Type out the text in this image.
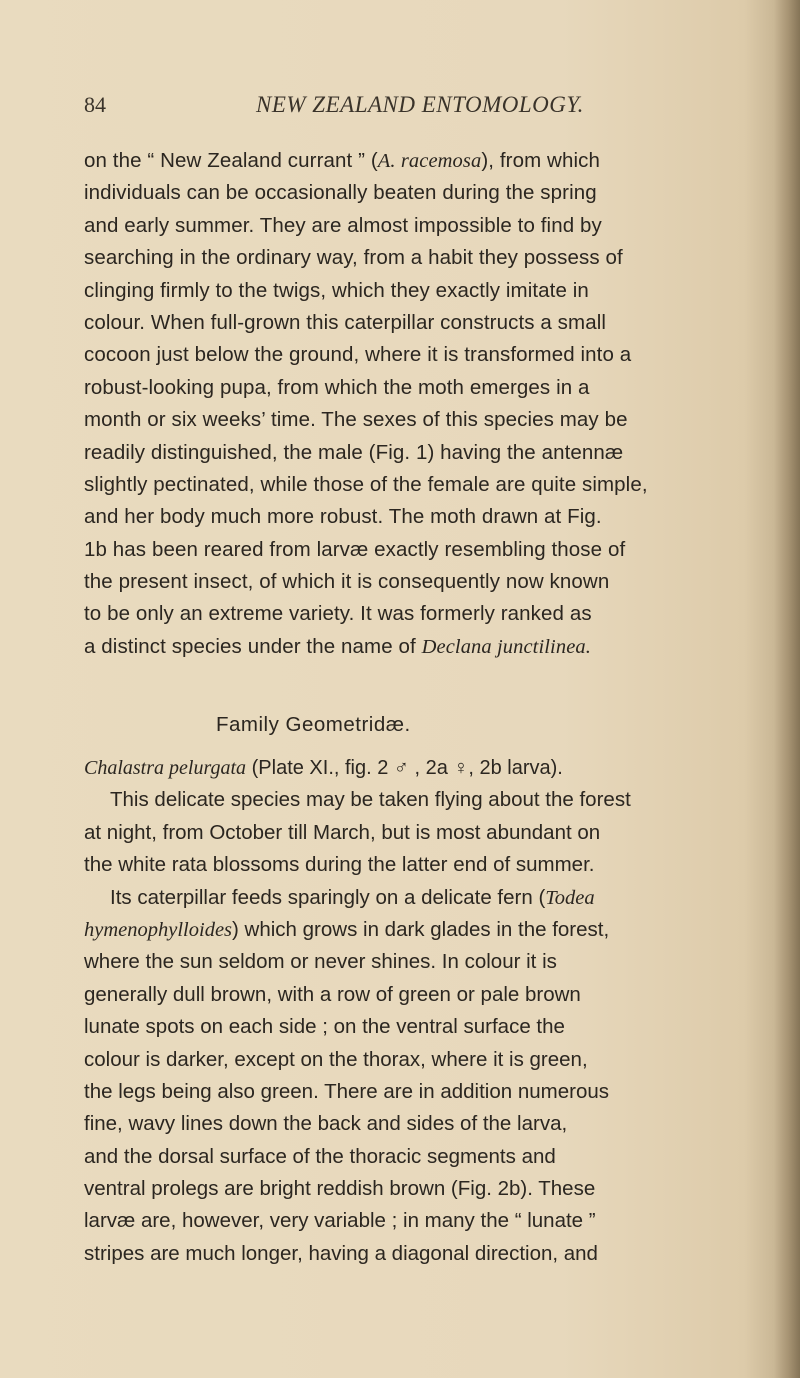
84	NEW ZEALAND ENTOMOLOGY.
on the “ New Zealand currant ” (A. racemosa), from which
individuals can be occasionally beaten during the spring
and early summer. They are almost impossible to find by
searching in the ordinary way, from a habit they possess of
clinging firmly to the twigs, which they exactly imitate in
colour. When full-grown this caterpillar constructs a small
cocoon just below the ground, where it is transformed into a
robust-looking pupa, from which the moth emerges in a
month or six weeks’ time. The sexes of this species may be
readily distinguished, the male (Fig. 1) having the antennæ
slightly pectinated, while those of the female are quite simple,
and her body much more robust. The moth drawn at Fig.
1b has been reared from larvæ exactly resembling those of
the present insect, of which it is consequently now known
to be only an extreme variety. It was formerly ranked as
a distinct species under the name of Declana junctilinea.
Family Geometridæ.
Chalastra pelurgata (Plate XI., fig. 2 ♂ , 2a ♀, 2b larva).
This delicate species may be taken flying about the forest
at night, from October till March, but is most abundant on
the white rata blossoms during the latter end of summer.
Its caterpillar feeds sparingly on a delicate fern (Todea
hymenophylloides) which grows in dark glades in the forest,
where the sun seldom or never shines. In colour it is
generally dull brown, with a row of green or pale brown
lunate spots on each side ; on the ventral surface the
colour is darker, except on the thorax, where it is green,
the legs being also green. There are in addition numerous
fine, wavy lines down the back and sides of the larva,
and the dorsal surface of the thoracic segments and
ventral prolegs are bright reddish brown (Fig. 2b). These
larvæ are, however, very variable ; in many the “ lunate ”
stripes are much longer, having a diagonal direction, and
